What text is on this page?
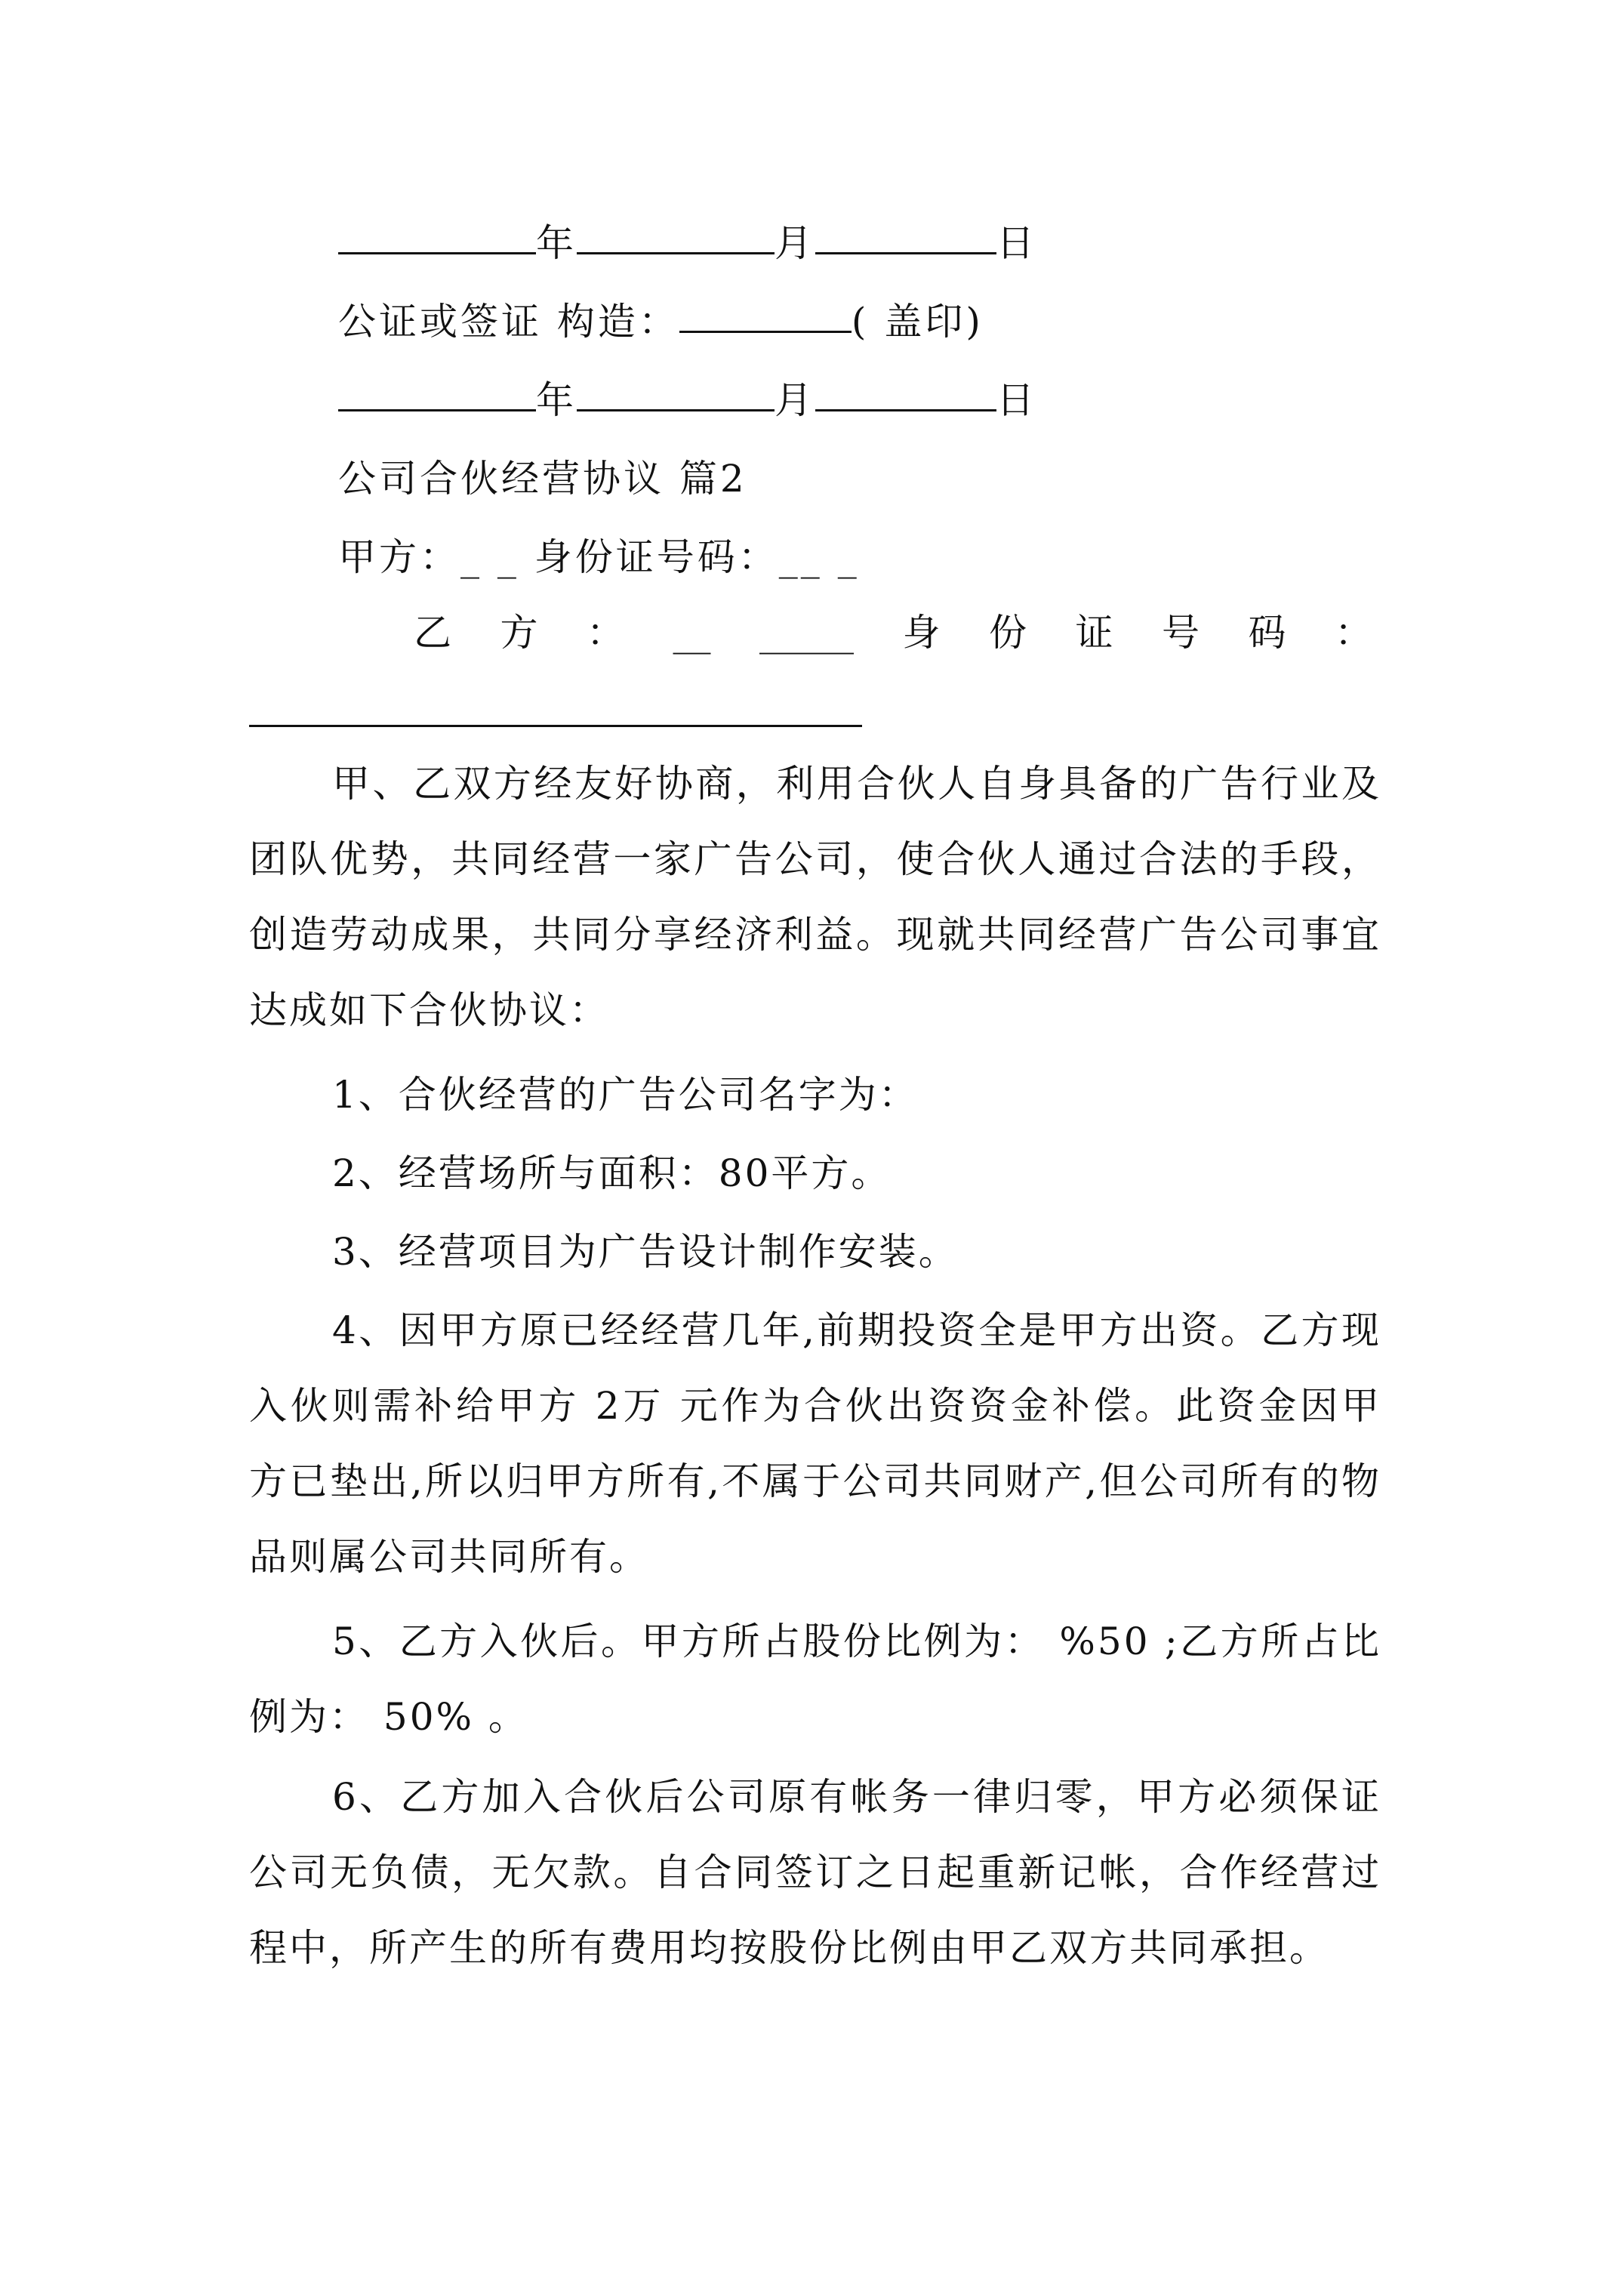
年	月	日
公证或签证 构造：	( 盖印)
年	月	日
公司合伙经营协议 篇2
甲方：_ _ 身份证号码：__ _
乙 方 ： __ _____ 身 份 证 号 码 ：
甲、乙双方经友好协商，利用合伙人自身具备的广告行业及团队优势，共同经营一家广告公司，使合伙人通过合法的手段，创造劳动成果，共同分享经济利益。现就共同经营广告公司事宜达成如下合伙协议：
1、合伙经营的广告公司名字为：
2、经营场所与面积：80平方。
3、经营项目为广告设计制作安装。
4、因甲方原已经经营几年,前期投资全是甲方出资。乙方现入伙则需补给甲方 2万 元作为合伙出资资金补偿。此资金因甲方已垫出,所以归甲方所有,不属于公司共同财产,但公司所有的物品则属公司共同所有。
5、乙方入伙后。甲方所占股份比例为： %50 ;乙方所占比例为： 50% 。
6、乙方加入合伙后公司原有帐务一律归零，甲方必须保证公司无负债，无欠款。自合同签订之日起重新记帐，合作经营过程中，所产生的所有费用均按股份比例由甲乙双方共同承担。
